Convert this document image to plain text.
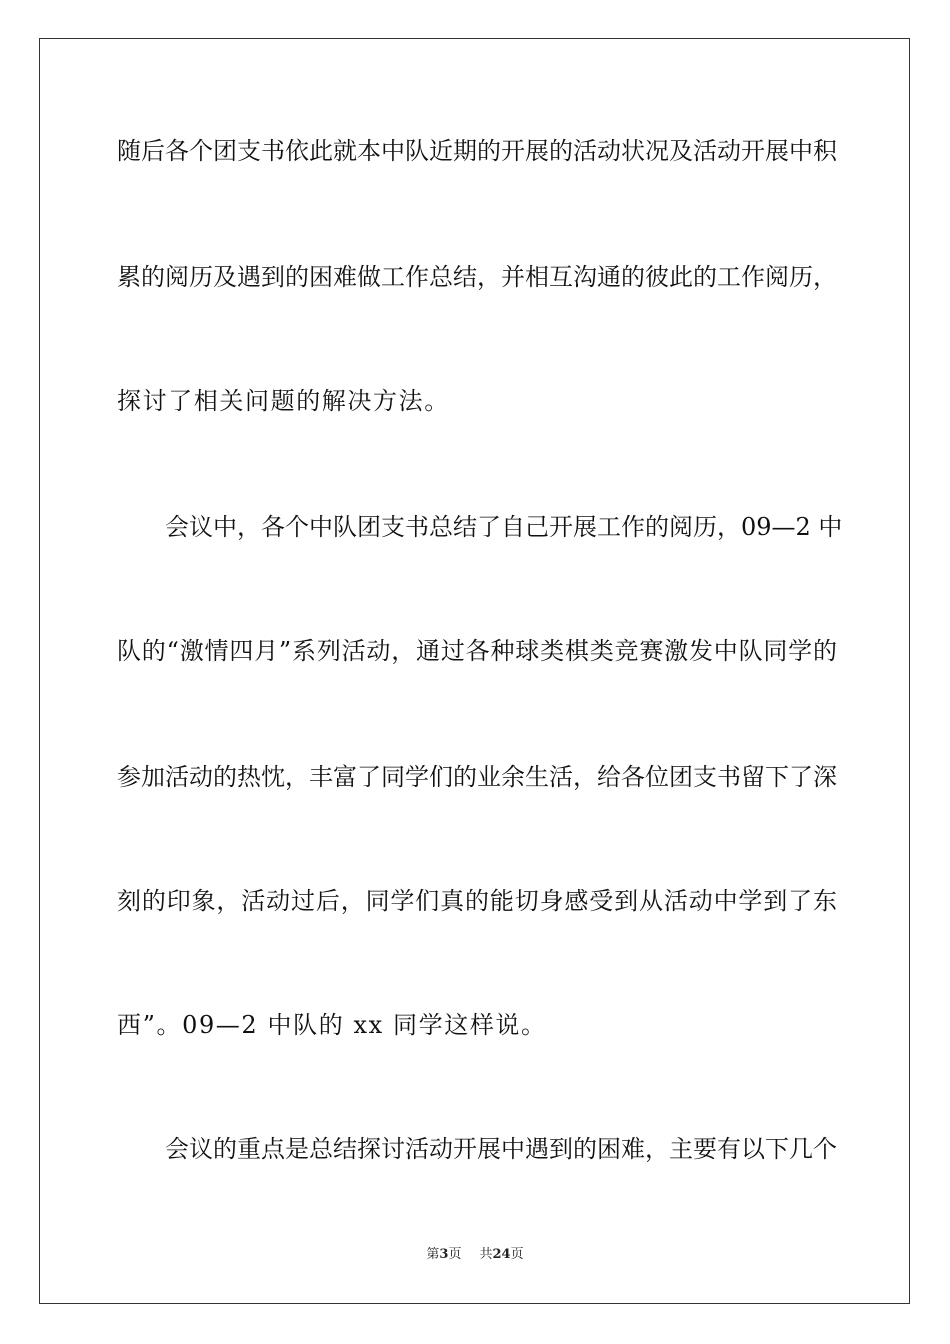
随后各个团支书依此就本中队近期的开展的活动状况及活动开展中积
累的阅历及遇到的困难做工作总结，并相互沟通的彼此的工作阅历，
探讨了相关问题的解决方法。
会议中，各个中队团支书总结了自己开展工作的阅历，09—2 中
队的“激情四月”系列活动，通过各种球类棋类竞赛激发中队同学的
参加活动的热忱，丰富了同学们的业余生活，给各位团支书留下了深
刻的印象，活动过后，同学们真的能切身感受到从活动中学到了东
西”。09—2 中队的 xx 同学这样说。
会议的重点是总结探讨活动开展中遇到的困难，主要有以下几个
第3页 共24页
